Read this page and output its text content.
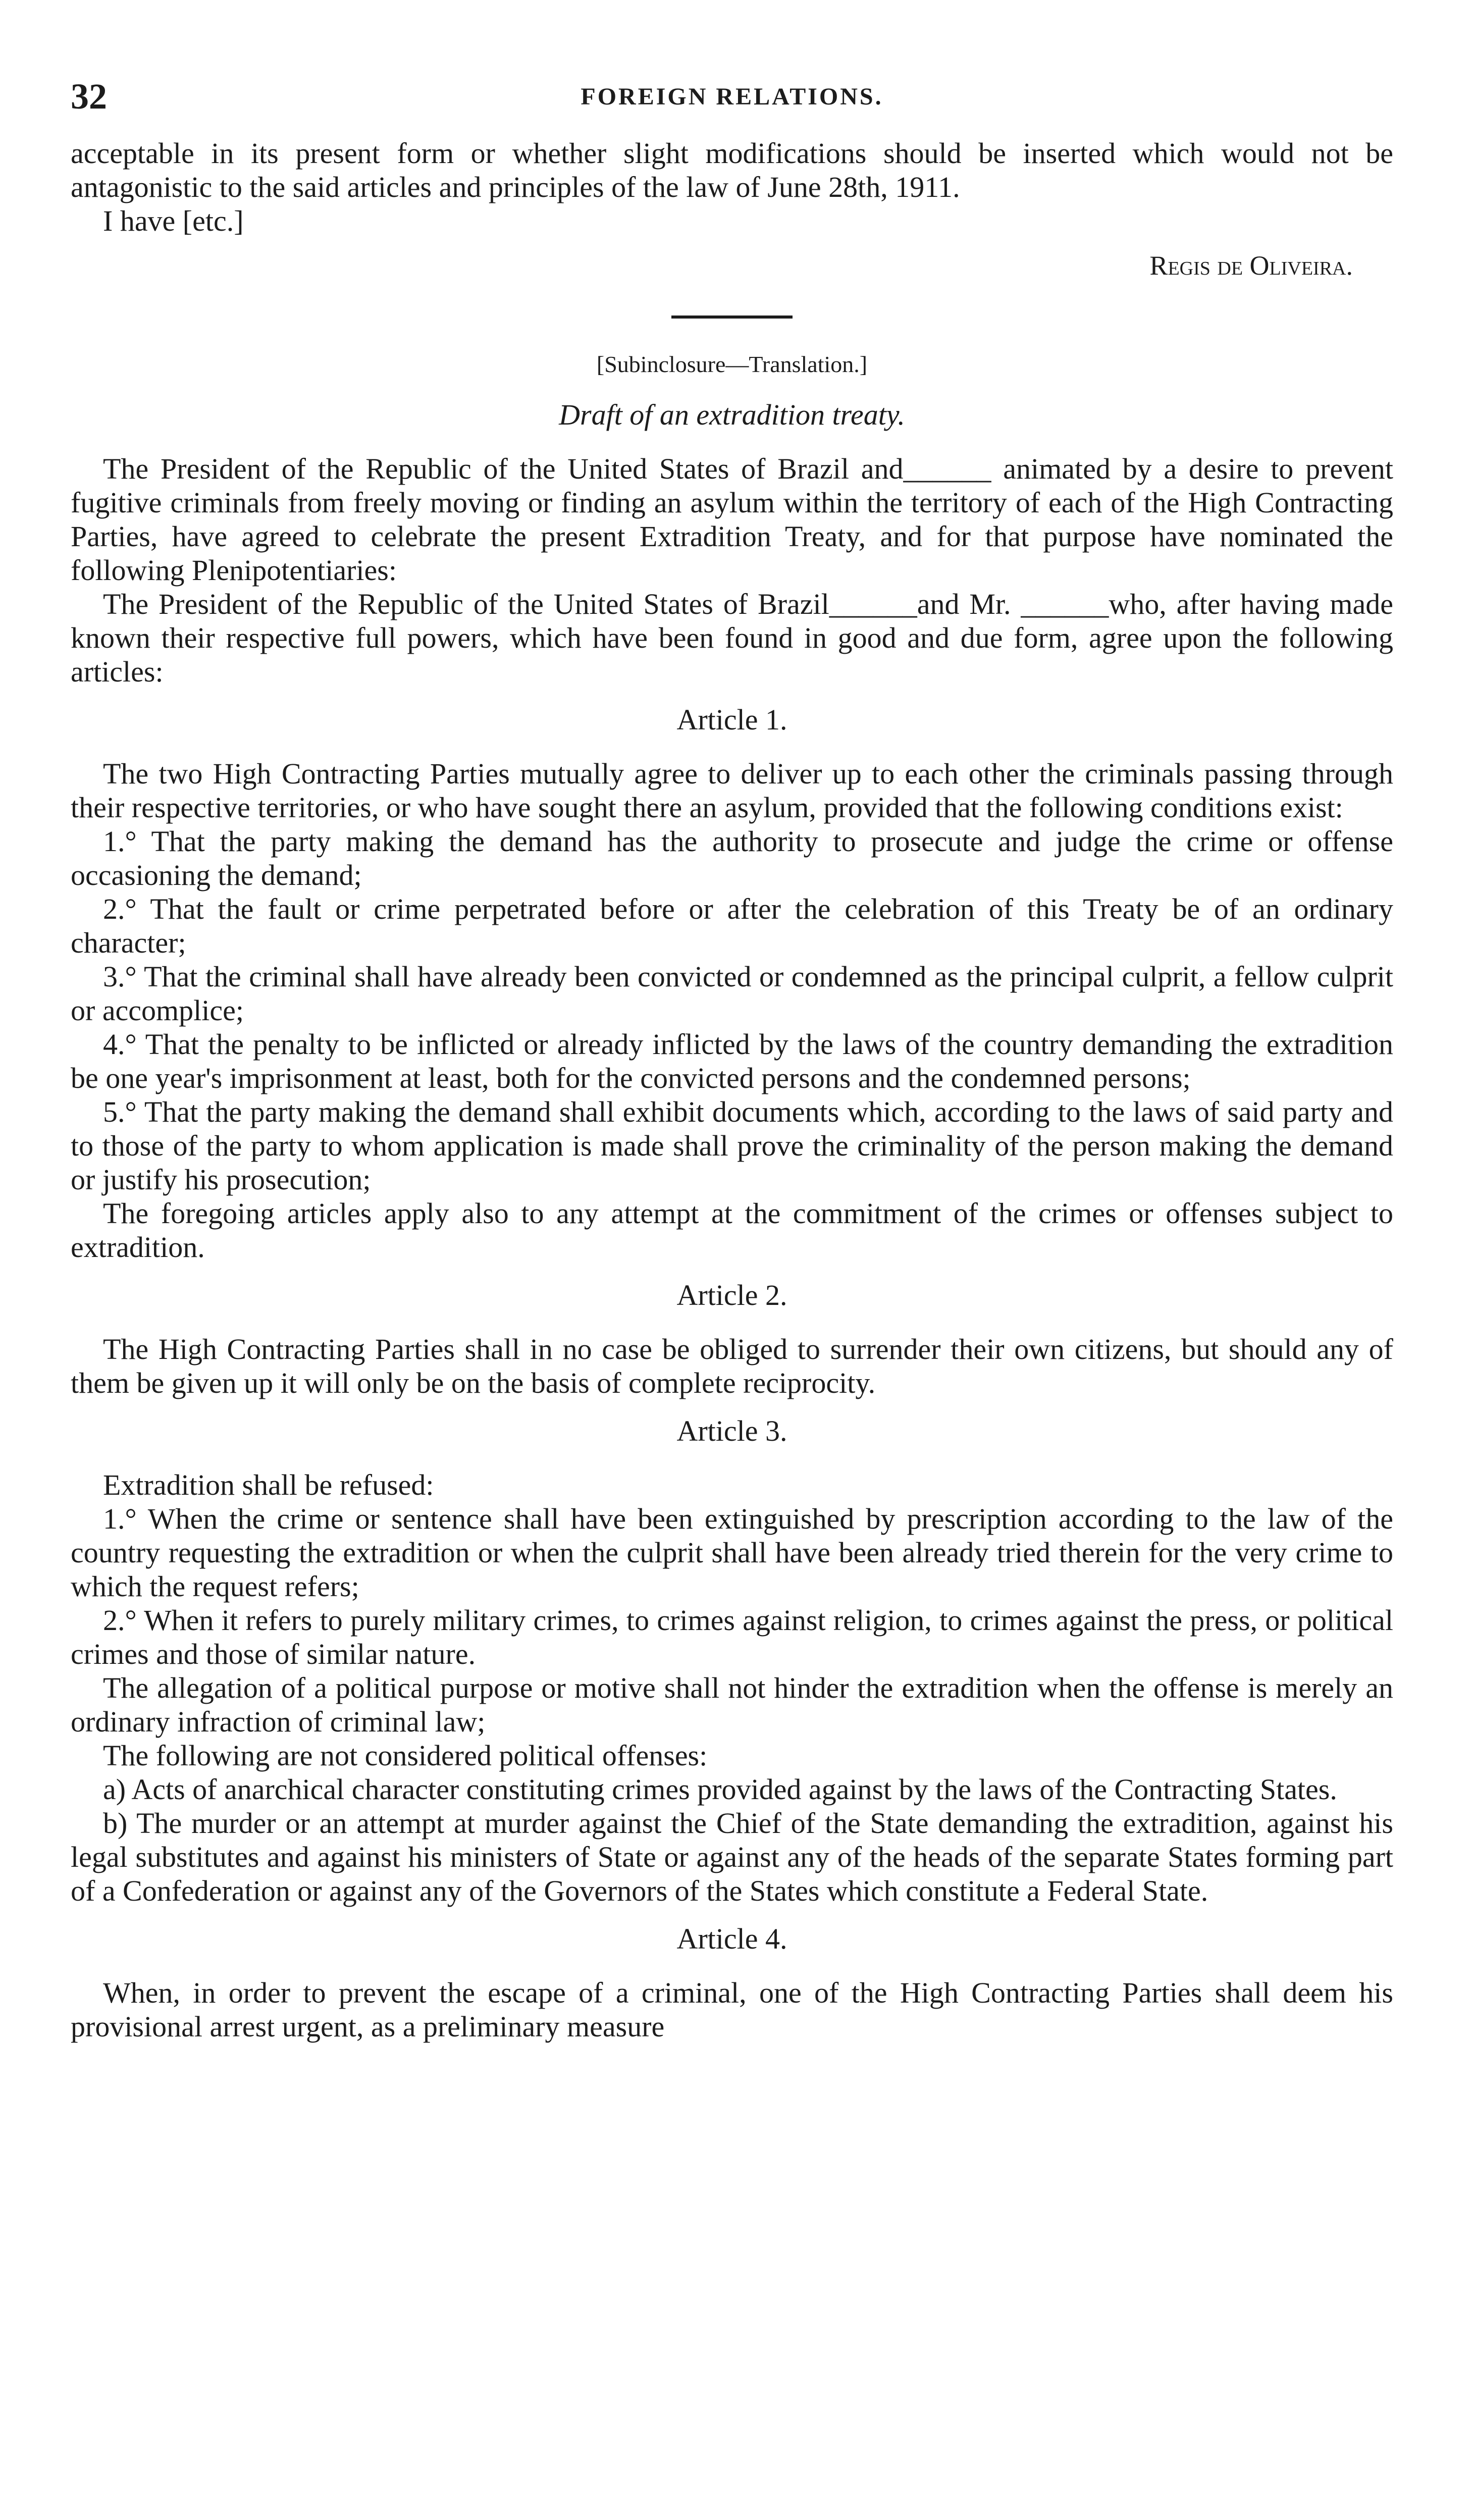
32	FOREIGN RELATIONS.

acceptable in its present form or whether slight modifications should be inserted which would not be antagonistic to the said articles and principles of the law of June 28th, 1911.

I have [etc.]

Regis de Oliveira.
[Subinclosure—Translation.]
Draft of an extradition treaty.

The President of the Republic of the United States of Brazil and______ animated by a desire to prevent fugitive criminals from freely moving or finding an asylum within the territory of each of the High Contracting Parties, have agreed to celebrate the present Extradition Treaty, and for that purpose have nominated the following Plenipotentiaries:

The President of the Republic of the United States of Brazil______and Mr. ______who, after having made known their respective full powers, which have been found in good and due form, agree upon the following articles:

Article 1.

The two High Contracting Parties mutually agree to deliver up to each other the criminals passing through their respective territories, or who have sought there an asylum, provided that the following conditions exist:

1.° That the party making the demand has the authority to prosecute and judge the crime or offense occasioning the demand;

2.° That the fault or crime perpetrated before or after the celebration of this Treaty be of an ordinary character;

3.° That the criminal shall have already been convicted or condemned as the principal culprit, a fellow culprit or accomplice;

4.° That the penalty to be inflicted or already inflicted by the laws of the country demanding the extradition be one year's imprisonment at least, both for the convicted persons and the condemned persons;

5.° That the party making the demand shall exhibit documents which, according to the laws of said party and to those of the party to whom application is made shall prove the criminality of the person making the demand or justify his prosecution;

The foregoing articles apply also to any attempt at the commitment of the crimes or offenses subject to extradition.

Article 2.

The High Contracting Parties shall in no case be obliged to surrender their own citizens, but should any of them be given up it will only be on the basis of complete reciprocity.

Article 3.

Extradition shall be refused:

1.° When the crime or sentence shall have been extinguished by prescription according to the law of the country requesting the extradition or when the culprit shall have been already tried therein for the very crime to which the request refers;

2.° When it refers to purely military crimes, to crimes against religion, to crimes against the press, or political crimes and those of similar nature.

The allegation of a political purpose or motive shall not hinder the extradition when the offense is merely an ordinary infraction of criminal law;

The following are not considered political offenses:

a) Acts of anarchical character constituting crimes provided against by the laws of the Contracting States.

b) The murder or an attempt at murder against the Chief of the State demanding the extradition, against his legal substitutes and against his ministers of State or against any of the heads of the separate States forming part of a Confederation or against any of the Governors of the States which constitute a Federal State.

Article 4.

When, in order to prevent the escape of a criminal, one of the High Contracting Parties shall deem his provisional arrest urgent, as a preliminary measure
